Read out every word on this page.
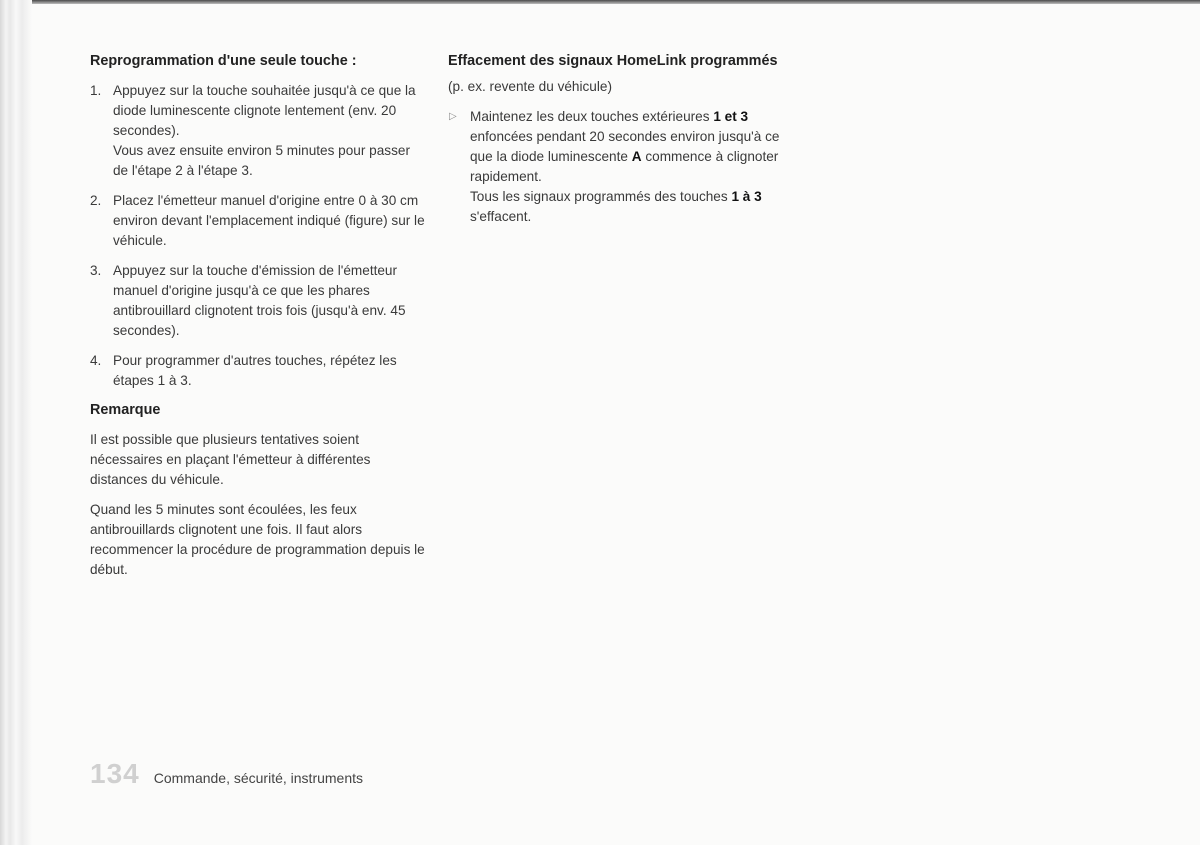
Reprogrammation d'une seule touche :
1. Appuyez sur la touche souhaitée jusqu'à ce que la diode luminescente clignote lentement (env. 20 secondes).
Vous avez ensuite environ 5 minutes pour passer de l'étape 2 à l'étape 3.
2. Placez l'émetteur manuel d'origine entre 0 à 30 cm environ devant l'emplacement indiqué (figure) sur le véhicule.
3. Appuyez sur la touche d'émission de l'émetteur manuel d'origine jusqu'à ce que les phares antibrouillard clignotent trois fois (jusqu'à env. 45 secondes).
4. Pour programmer d'autres touches, répétez les étapes 1 à 3.
Remarque

Il est possible que plusieurs tentatives soient nécessaires en plaçant l'émetteur à différentes distances du véhicule.

Quand les 5 minutes sont écoulées, les feux antibrouillards clignotent une fois. Il faut alors recommencer la procédure de programmation depuis le début.

Effacement des signaux HomeLink programmés

(p. ex. revente du véhicule)

▷ Maintenez les deux touches extérieures 1 et 3 enfoncées pendant 20 secondes environ jusqu'à ce que la diode luminescente A commence à clignoter rapidement.
Tous les signaux programmés des touches 1 à 3 s'effacent.
134 Commande, sécurité, instruments
